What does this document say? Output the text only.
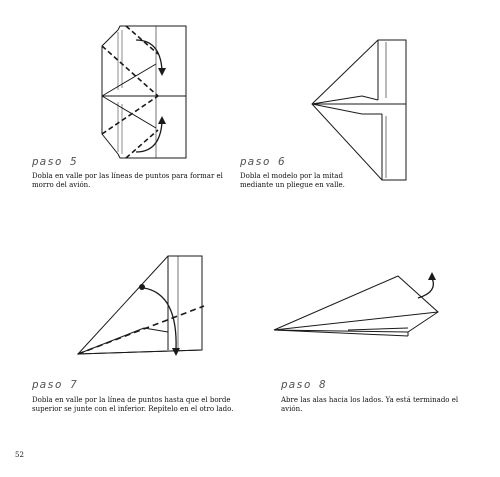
paso 5
Dobla en valle por las líneas de puntos para formar el morro del avión.
paso 6
Dobla el modelo por la mitad mediante un pliegue en valle.
paso 7
Dobla en valle por la línea de puntos hasta que el borde superior se junte con el inferior. Repítelo en el otro lado.
paso 8
Abre las alas hacia los lados. Ya está terminado el avión.
52
